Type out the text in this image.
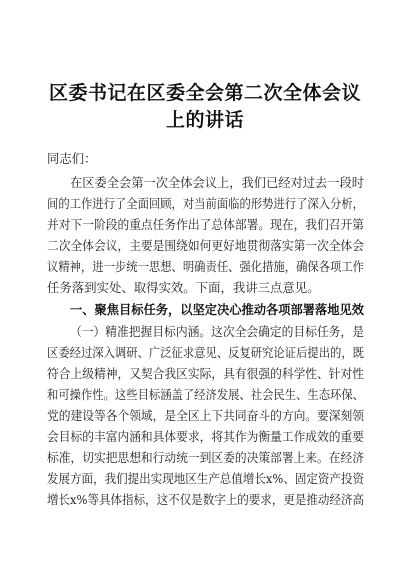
区委书记在区委全会第二次全体会议
上的讲话
同志们：
在区委全会第一次全体会议上，我们已经对过去一段时
间的工作进行了全面回顾，对当前面临的形势进行了深入分析，
并对下一阶段的重点任务作出了总体部署。现在，我们召开第
二次全体会议，主要是围绕如何更好地贯彻落实第一次全体会
议精神，进一步统一思想、明确责任、强化措施，确保各项工作
任务落到实处、取得实效。下面，我讲三点意见。
一、聚焦目标任务，以坚定决心推动各项部署落地见效
（一）精准把握目标内涵。这次全会确定的目标任务，是
区委经过深入调研、广泛征求意见、反复研究论证后提出的，既
符合上级精神，又契合我区实际，具有很强的科学性、针对性
和可操作性。这些目标涵盖了经济发展、社会民生、生态环保、
党的建设等各个领域，是全区上下共同奋斗的方向。要深刻领
会目标的丰富内涵和具体要求，将其作为衡量工作成效的重要
标准，切实把思想和行动统一到区委的决策部署上来。在经济
发展方面，我们提出实现地区生产总值增长x%、固定资产投资
增长x%等具体指标，这不仅是数字上的要求，更是推动经济高
